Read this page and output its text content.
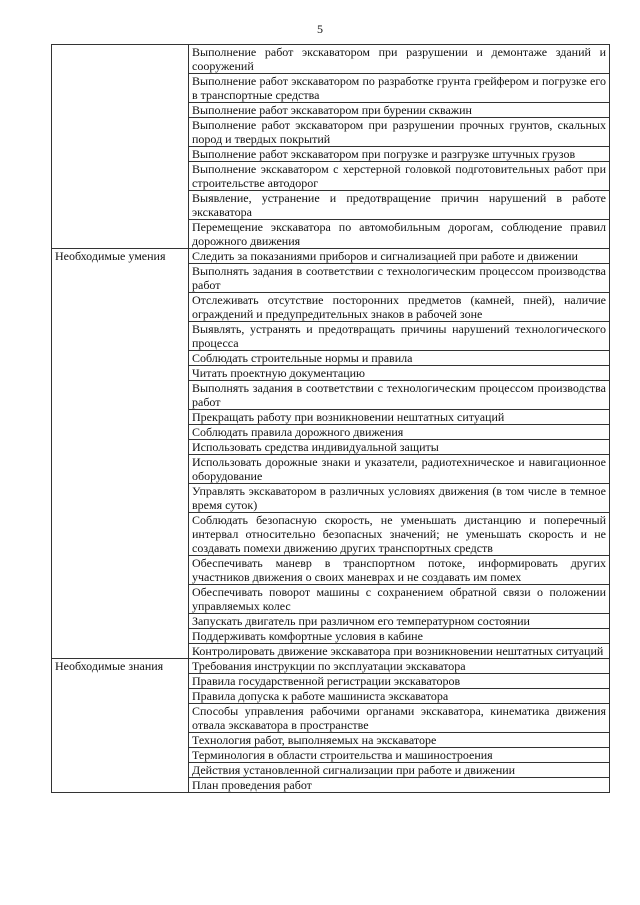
5
	Выполнение работ экскаватором при разрушении и демонтаже зданий и сооружений
	Выполнение работ экскаватором по разработке грунта грейфером и погрузке его в транспортные средства
	Выполнение работ экскаватором при бурении скважин
	Выполнение работ экскаватором при разрушении прочных грунтов, скальных пород и твердых покрытий
	Выполнение работ экскаватором при погрузке и разгрузке штучных грузов
	Выполнение экскаватором с херстерной головкой подготовительных работ при строительстве автодорог
	Выявление, устранение и предотвращение причин нарушений в работе экскаватора
	Перемещение экскаватора по автомобильным дорогам, соблюдение правил дорожного движения
Необходимые умения	Следить за показаниями приборов и сигнализацией при работе и движении
	Выполнять задания в соответствии с технологическим процессом производства работ
	Отслеживать отсутствие посторонних предметов (камней, пней), наличие ограждений и предупредительных знаков в рабочей зоне
	Выявлять, устранять и предотвращать причины нарушений технологического процесса
	Соблюдать строительные нормы и правила
	Читать проектную документацию
	Выполнять задания в соответствии с технологическим процессом производства работ
	Прекращать работу при возникновении нештатных ситуаций
	Соблюдать правила дорожного движения
	Использовать средства индивидуальной защиты
	Использовать дорожные знаки и указатели, радиотехническое и навигационное оборудование
	Управлять экскаватором в различных условиях движения (в том числе в темное время суток)
	Соблюдать безопасную скорость, не уменьшать дистанцию и поперечный интервал относительно безопасных значений; не уменьшать скорость и не создавать помехи движению других транспортных средств
	Обеспечивать маневр в транспортном потоке, информировать других участников движения о своих маневрах и не создавать им помех
	Обеспечивать поворот машины с сохранением обратной связи о положении управляемых колес
	Запускать двигатель при различном его температурном состоянии
	Поддерживать комфортные условия в кабине
	Контролировать движение экскаватора при возникновении нештатных ситуаций
Необходимые знания	Требования инструкции по эксплуатации экскаватора
	Правила государственной регистрации экскаваторов
	Правила допуска к работе машиниста экскаватора
	Способы управления рабочими органами экскаватора, кинематика движения отвала экскаватора в пространстве
	Технология работ, выполняемых на экскаваторе
	Терминология в области строительства и машиностроения
	Действия установленной сигнализации при работе и движении
	План проведения работ
